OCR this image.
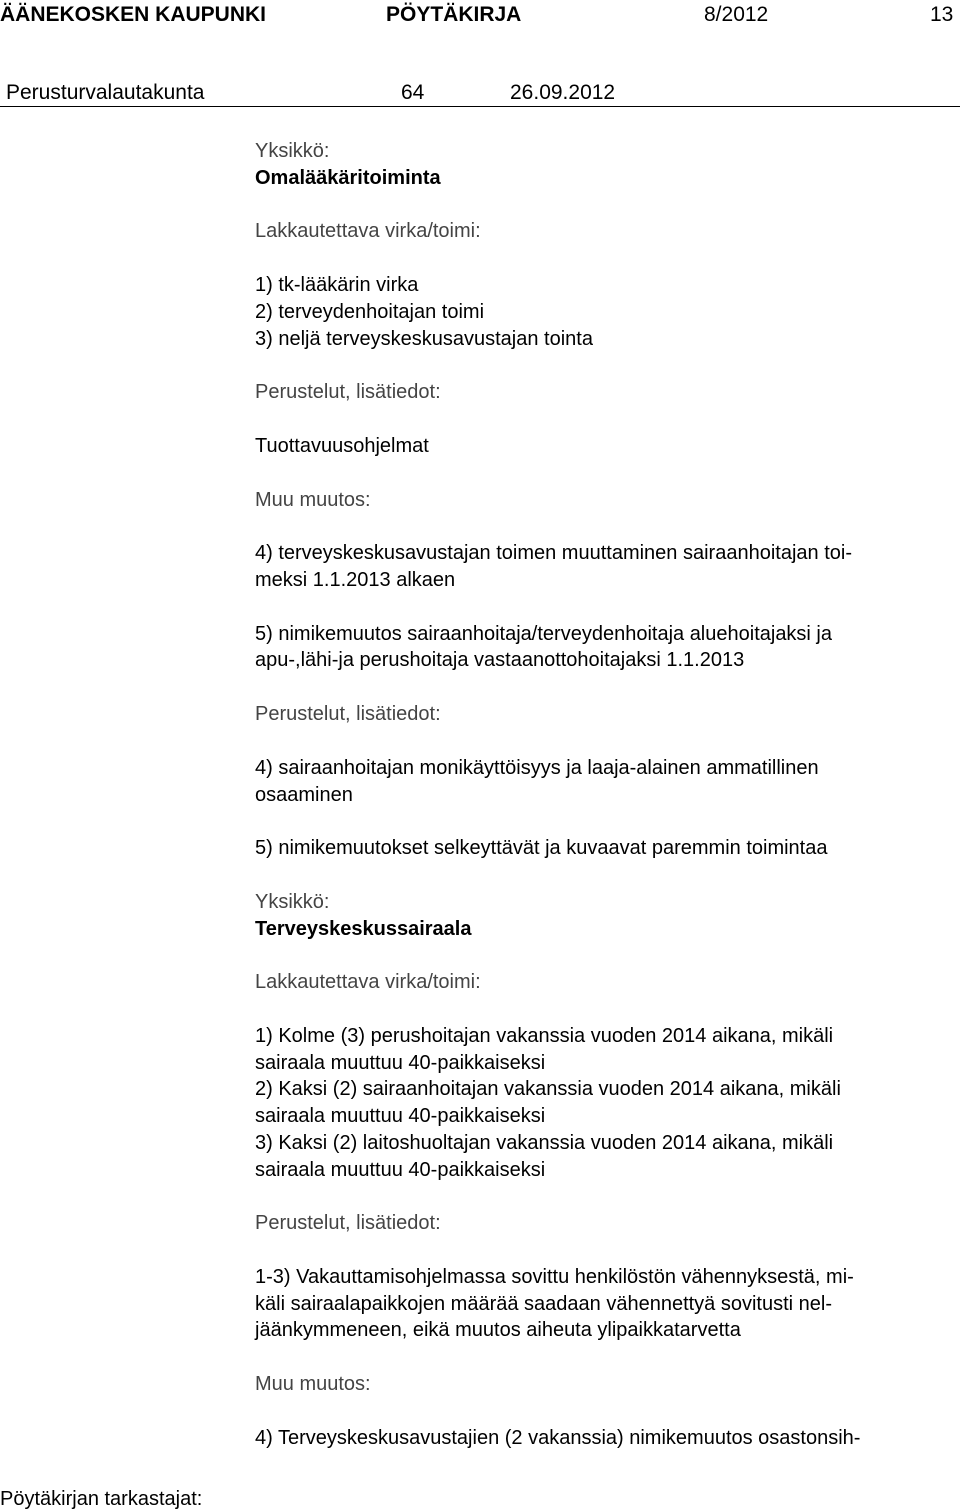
ÄÄNEKOSKEN KAUPUNKI	PÖYTÄKIRJA	8/2012	13
Perusturvalautakunta	64	26.09.2012
Yksikkö:
Omalääkäritoiminta
Lakkautettava virka/toimi:
1) tk-lääkärin virka
2) terveydenhoitajan toimi
3) neljä terveyskeskusavustajan tointa
Perustelut, lisätiedot:
Tuottavuusohjelmat
Muu muutos:
4) terveyskeskusavustajan toimen muuttaminen sairaanhoitajan toi-
meksi 1.1.2013 alkaen
5) nimikemuutos sairaanhoitaja/terveydenhoitaja aluehoitajaksi ja
apu-,lähi-ja perushoitaja vastaanottohoitajaksi 1.1.2013
Perustelut, lisätiedot:
4) sairaanhoitajan monikäyttöisyys ja laaja-alainen ammatillinen
osaaminen
5) nimikemuutokset selkeyttävät ja kuvaavat paremmin toimintaa
Yksikkö:
Terveyskeskussairaala
Lakkautettava virka/toimi:
1) Kolme (3) perushoitajan vakanssia vuoden 2014 aikana, mikäli
sairaala muuttuu 40-paikkaiseksi
2) Kaksi (2) sairaanhoitajan vakanssia vuoden 2014 aikana, mikäli
sairaala muuttuu 40-paikkaiseksi
3) Kaksi (2) laitoshuoltajan vakanssia vuoden 2014 aikana, mikäli
sairaala muuttuu 40-paikkaiseksi
Perustelut, lisätiedot:
1-3) Vakauttamisohjelmassa sovittu henkilöstön vähennyksestä, mi-
käli sairaalapaikkojen määrää saadaan vähennettyä sovitusti nel-
jäänkymmeneen, eikä muutos aiheuta ylipaikkatarvetta
Muu muutos:
4) Terveyskeskusavustajien (2 vakanssia) nimikemuutos osastonsih-
Pöytäkirjan tarkastajat:
